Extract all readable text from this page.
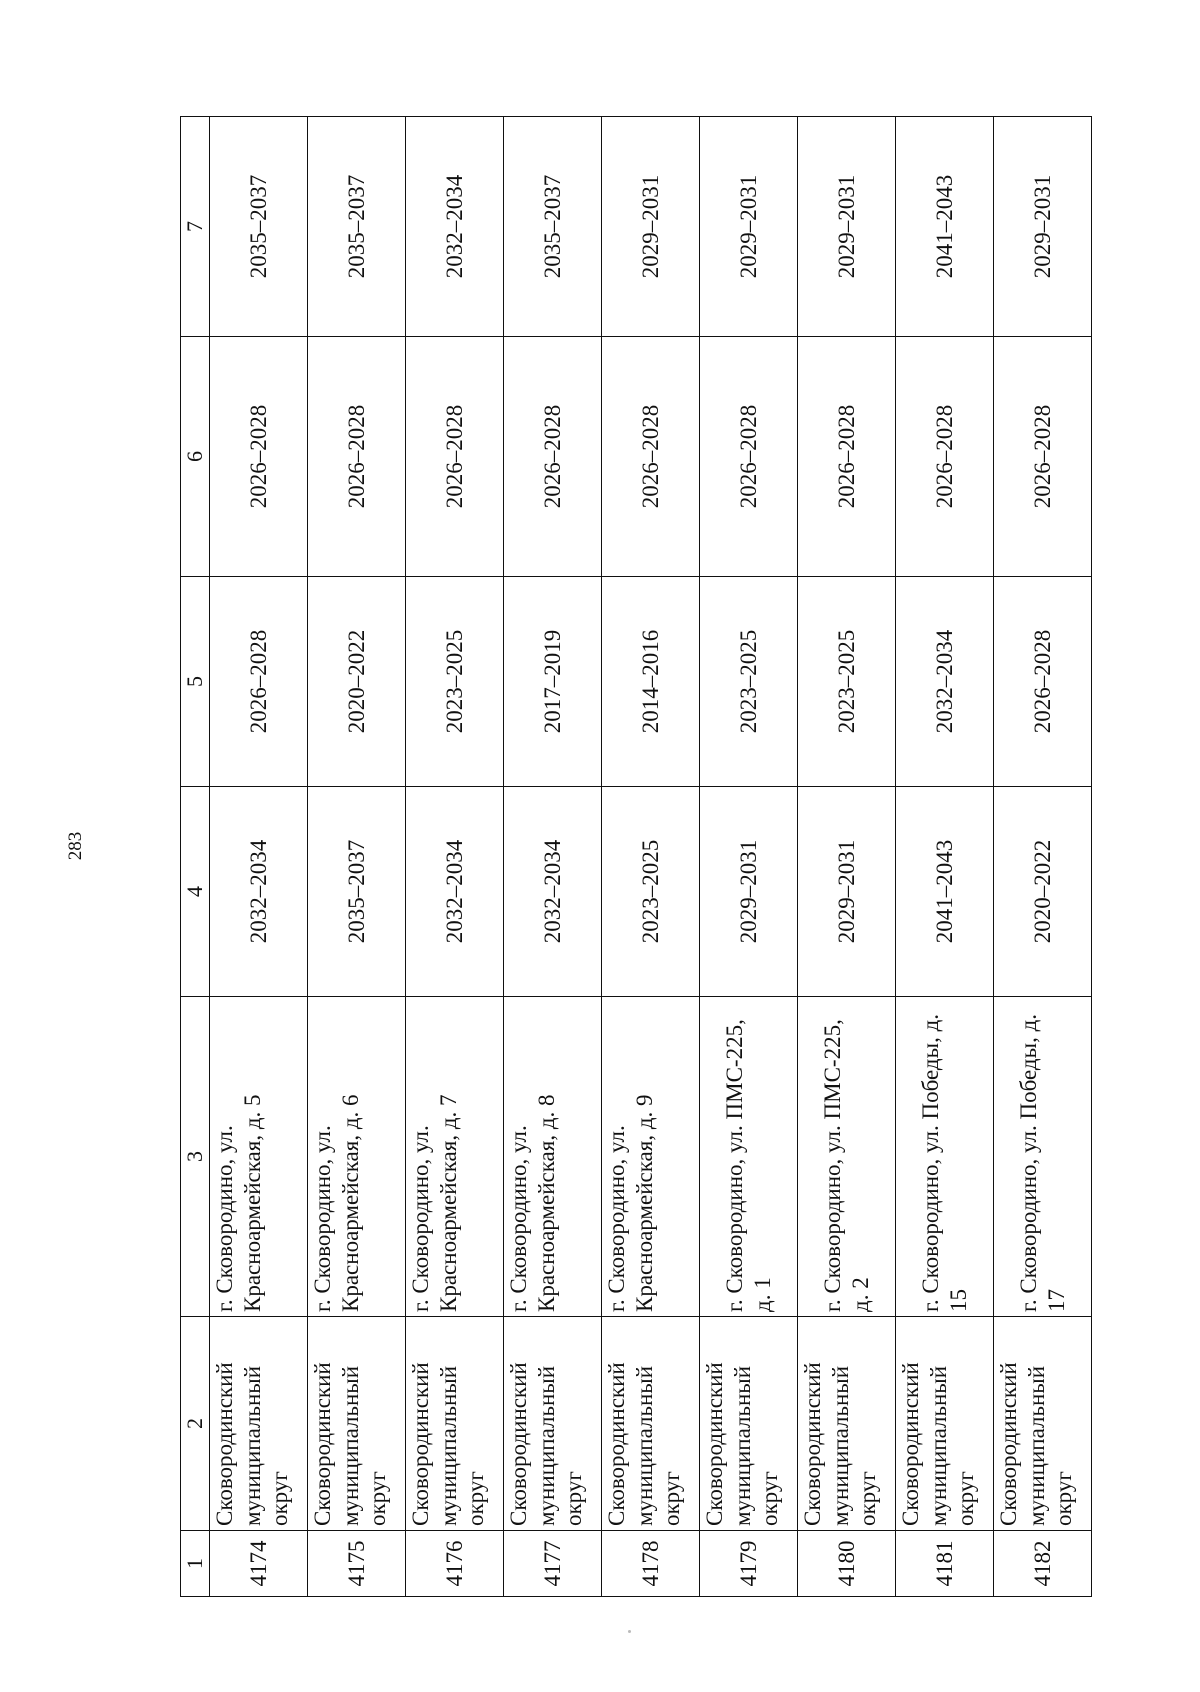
283
1	2	3	4	5	6	7
4174	Сковородинский муниципальный округ	г. Сковородино, ул. Красноармейская, д. 5	2032–2034	2026–2028	2026–2028	2035–2037
4175	Сковородинский муниципальный округ	г. Сковородино, ул. Красноармейская, д. 6	2035–2037	2020–2022	2026–2028	2035–2037
4176	Сковородинский муниципальный округ	г. Сковородино, ул. Красноармейская, д. 7	2032–2034	2023–2025	2026–2028	2032–2034
4177	Сковородинский муниципальный округ	г. Сковородино, ул. Красноармейская, д. 8	2032–2034	2017–2019	2026–2028	2035–2037
4178	Сковородинский муниципальный округ	г. Сковородино, ул. Красноармейская, д. 9	2023–2025	2014–2016	2026–2028	2029–2031
4179	Сковородинский муниципальный округ	г. Сковородино, ул. ПМС-225, д. 1	2029–2031	2023–2025	2026–2028	2029–2031
4180	Сковородинский муниципальный округ	г. Сковородино, ул. ПМС-225, д. 2	2029–2031	2023–2025	2026–2028	2029–2031
4181	Сковородинский муниципальный округ	г. Сковородино, ул. Победы, д. 15	2041–2043	2032–2034	2026–2028	2041–2043
4182	Сковородинский муниципальный округ	г. Сковородино, ул. Победы, д. 17	2020–2022	2026–2028	2026–2028	2029–2031
